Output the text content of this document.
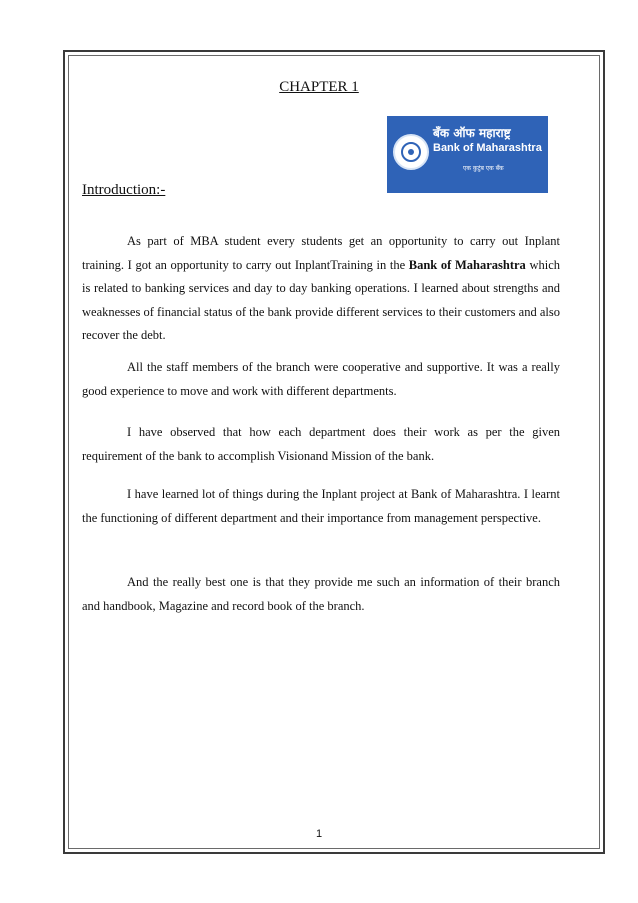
CHAPTER 1
बँक ऑफ महाराष्ट्र
Bank of Maharashtra
एक कुटुंब एक बँक
Introduction:-

As part of MBA student every students get an opportunity to carry out Inplant training. I got an opportunity to carry out InplantTraining in the Bank of Maharashtra which is related to banking services and day to day banking operations. I learned about strengths and weaknesses of financial status of the bank provide different services to their customers and also recover the debt.

All the staff members of the branch were cooperative and supportive. It was a really good experience to move and work with different departments.

I have observed that how each department does their work as per the given requirement of the bank to accomplish Visionand Mission of the bank.

I have learned lot of things during the Inplant project at Bank of Maharashtra. I learnt the functioning of different department and their importance from management perspective.

And the really best one is that they provide me such an information of their branch and handbook, Magazine and record book of the branch.

1
